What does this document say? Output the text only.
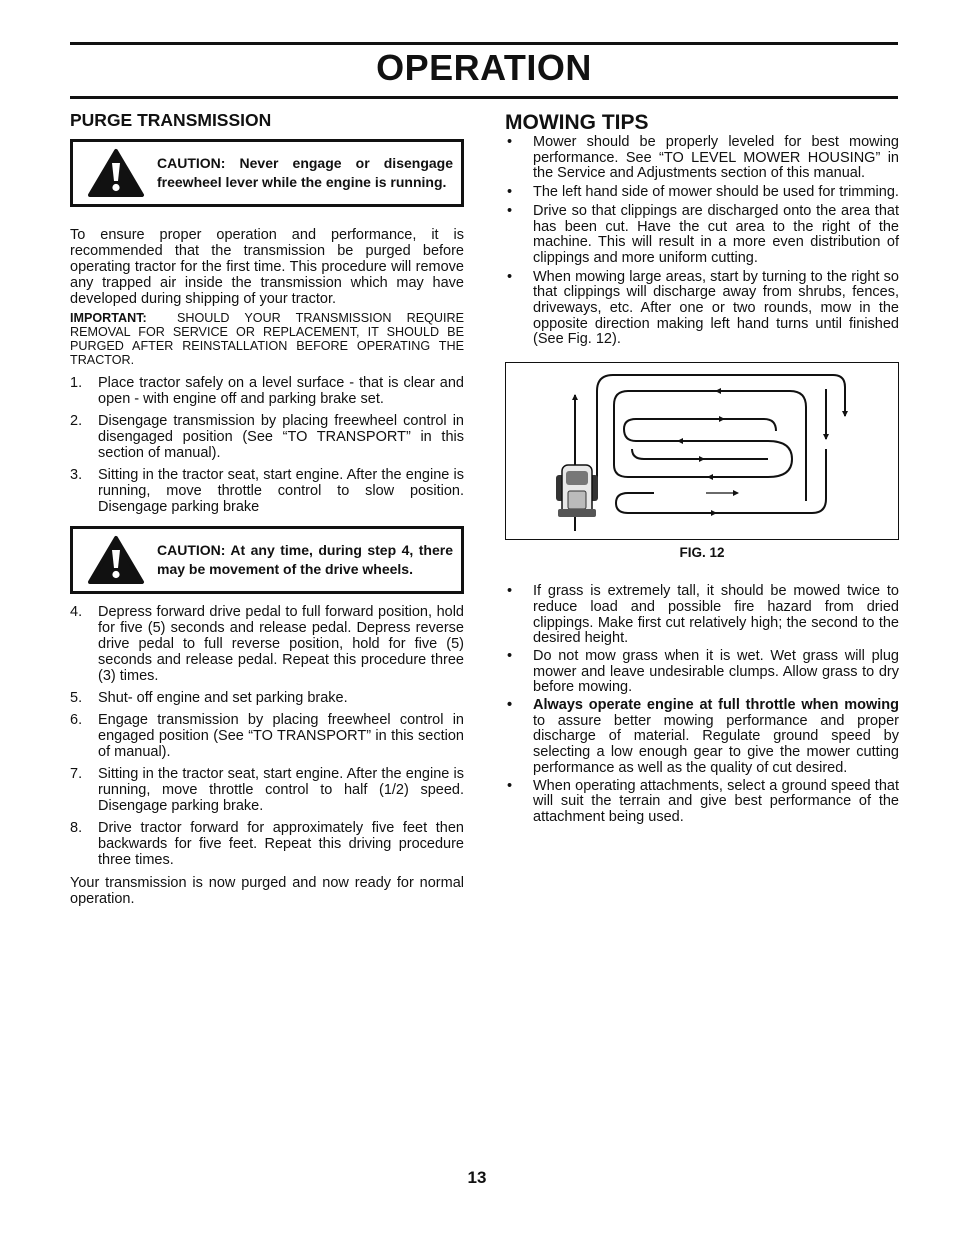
OPERATION
PURGE TRANSMISSION
CAUTION: Never engage or disengage freewheel lever while the engine is running.

To ensure proper operation and performance, it is recommended that the transmission be purged before operating tractor for the first time. This procedure will remove any trapped air inside the transmission which may have developed during shipping of your tractor.

IMPORTANT: SHOULD YOUR TRANSMISSION REQUIRE REMOVAL FOR SERVICE OR REPLACEMENT, IT SHOULD BE PURGED AFTER REINSTALLATION BEFORE OPERATING THE TRACTOR.

1.	Place tractor safely on a level surface - that is clear and open - with engine off and parking brake set.
2.	Disengage transmission by placing freewheel control in disengaged position (See “TO TRANSPORT” in this section of manual).
3.	Sitting in the tractor seat, start engine. After the engine is running, move throttle control to slow position. Disengage parking brake
CAUTION: At any time, during step 4, there may be movement of the drive wheels.
4.	Depress forward drive pedal to full forward position, hold for five (5) seconds and release pedal. Depress reverse drive pedal to full reverse position, hold for five (5) seconds and release pedal. Repeat this procedure three (3) times.
5.	Shut- off engine and set parking brake.
6.	Engage transmission by placing freewheel control in engaged position (See “TO TRANSPORT” in this section of manual).
7.	Sitting in the tractor seat, start engine. After the engine is running, move throttle control to half (1/2) speed. Disengage parking brake.
8.	Drive tractor forward for approximately five feet then backwards for five feet. Repeat this driving procedure three times.

Your transmission is now purged and now ready for normal operation.

MOWING TIPS
•	Mower should be properly leveled for best mowing performance. See “TO LEVEL MOWER HOUSING” in the Service and Adjustments section of this manual.
•	The left hand side of mower should be used for trimming.
•	Drive so that clippings are discharged onto the area that has been cut. Have the cut area to the right of the machine. This will result in a more even distribution of clippings and more uniform cutting.
•	When mowing large areas, start by turning to the right so that clippings will discharge away from shrubs, fences, driveways, etc. After one or two rounds, mow in the opposite direction making left hand turns until finished (See Fig. 12).
FIG. 12
•	If grass is extremely tall, it should be mowed twice to reduce load and possible fire hazard from dried clippings. Make first cut relatively high; the second to the desired height.
•	Do not mow grass when it is wet. Wet grass will plug mower and leave undesirable clumps. Allow grass to dry before mowing.
•	Always operate engine at full throttle when mowing to assure better mowing performance and proper discharge of material. Regulate ground speed by selecting a low enough gear to give the mower cutting performance as well as the quality of cut desired.
•	When operating attachments, select a ground speed that will suit the terrain and give best performance of the attachment being used.
13
